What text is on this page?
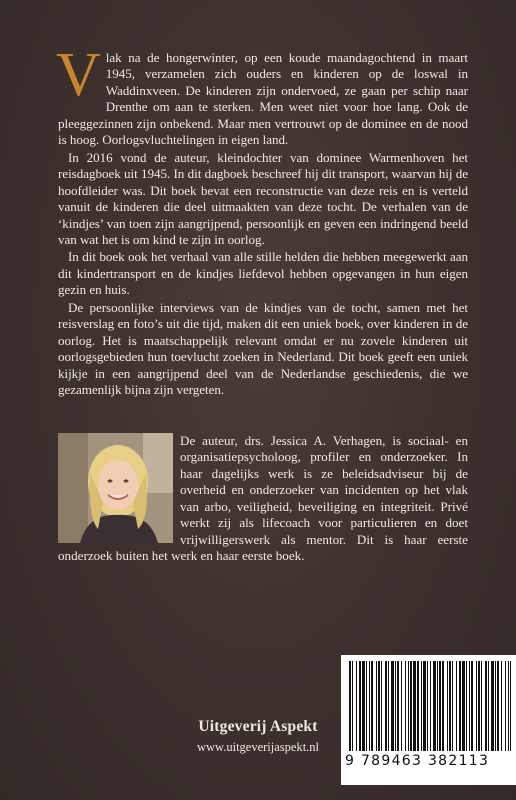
Vlak na de hongerwinter, op een koude maandagochtend in maart 1945, verzamelen zich ouders en kinderen op de loswal in Waddinxveen. De kinderen zijn ondervoed, ze gaan per schip naar Drenthe om aan te sterken. Men weet niet voor hoe lang. Ook de pleeggezinnen zijn onbekend. Maar men vertrouwt op de dominee en de nood is hoog. Oorlogsvluchtelingen in eigen land.

In 2016 vond de auteur, kleindochter van dominee Warmenhoven het reisdagboek uit 1945. In dit dagboek beschreef hij dit transport, waarvan hij de hoofdleider was. Dit boek bevat een reconstructie van deze reis en is verteld vanuit de kinderen die deel uitmaakten van deze tocht. De verhalen van de ‘kindjes’ van toen zijn aangrijpend, persoonlijk en geven een indringend beeld van wat het is om kind te zijn in oorlog.

In dit boek ook het verhaal van alle stille helden die hebben meegewerkt aan dit kindertransport en de kindjes liefdevol hebben opgevangen in hun eigen gezin en huis.

De persoonlijke interviews van de kindjes van de tocht, samen met het reisverslag en foto’s uit die tijd, maken dit een uniek boek, over kinderen in de oorlog. Het is maatschappelijk relevant omdat er nu zovele kinderen uit oorlogsgebieden hun toevlucht zoeken in Nederland. Dit boek geeft een uniek kijkje in een aangrijpend deel van de Nederlandse geschiedenis, die we gezamenlijk bijna zijn vergeten.

De auteur, drs. Jessica A. Verhagen, is sociaal- en organisatiepsycholoog, profiler en onderzoeker. In haar dagelijks werk is ze beleidsadviseur bij de overheid en onderzoeker van incidenten op het vlak van arbo, veiligheid, beveiliging en integriteit. Privé werkt zij als lifecoach voor particulieren en doet vrijwilligerswerk als mentor. Dit is haar eerste onderzoek buiten het werk en haar eerste boek.

Uitgeverij Aspekt
www.uitgeverijaspekt.nl
9 789463 382113
